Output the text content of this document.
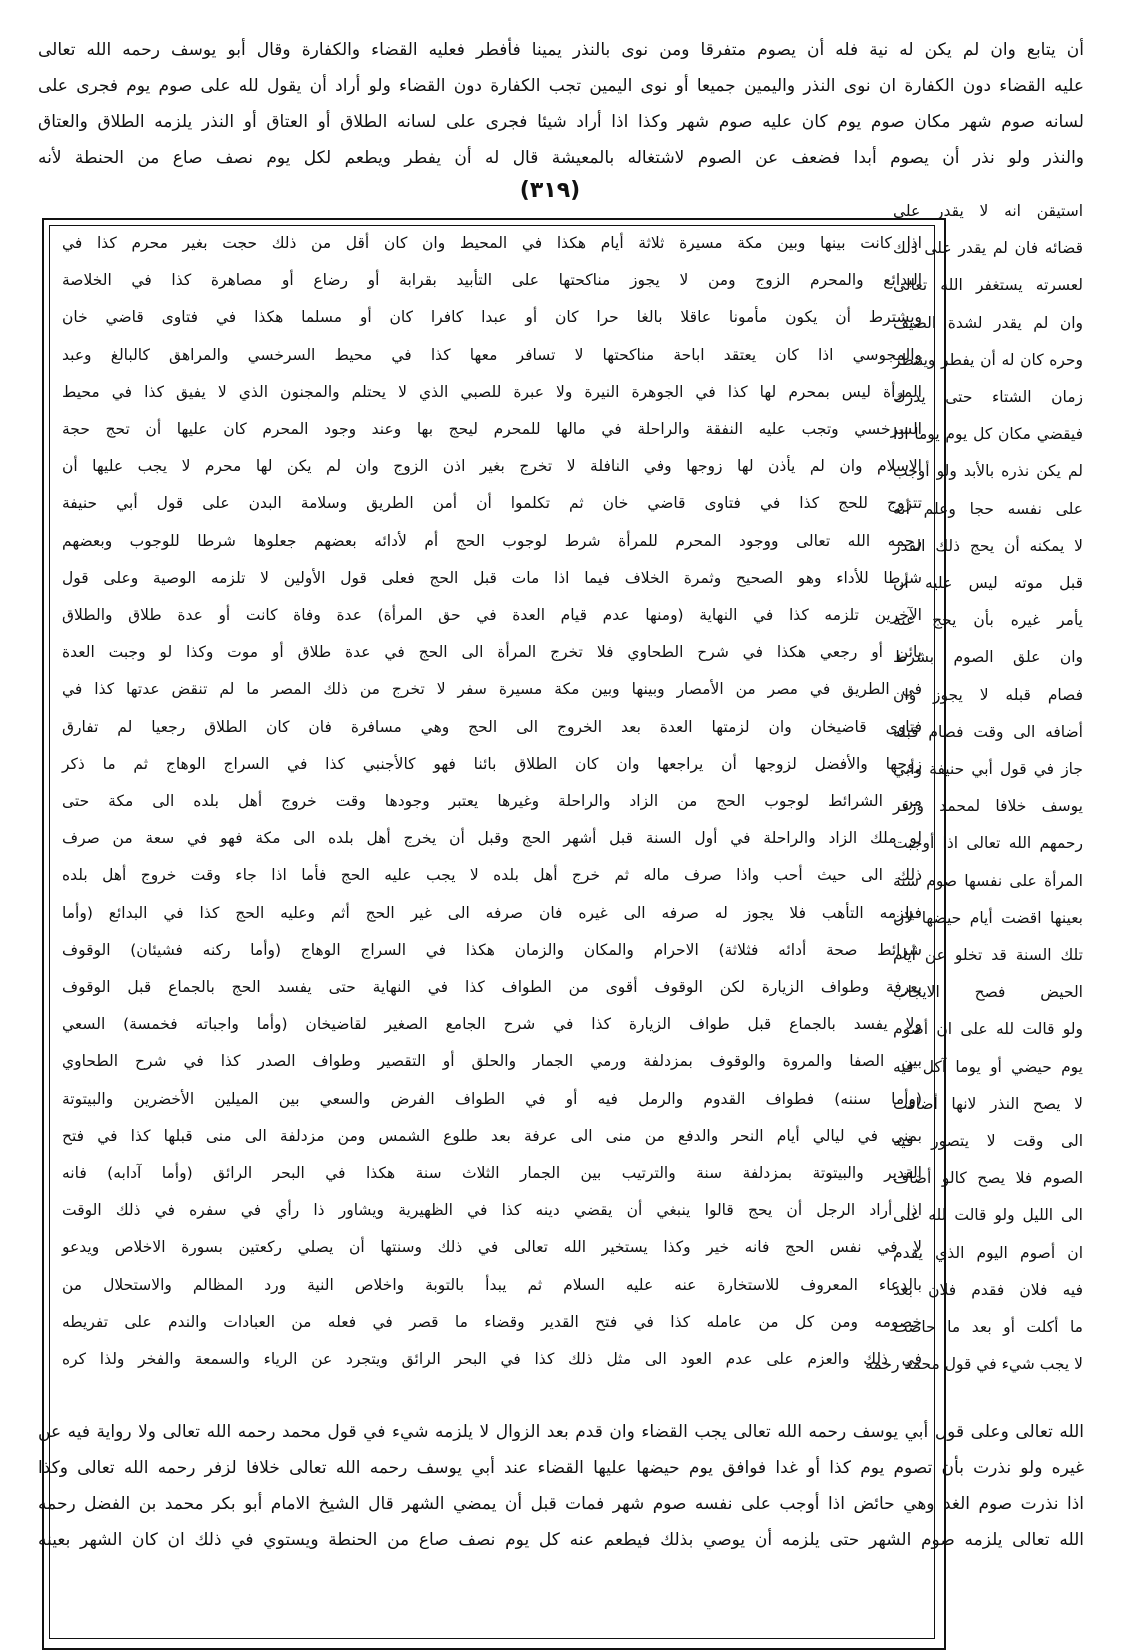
أن يتابع وان لم يكن له نية فله أن يصوم متفرقا ومن نوى بالنذر يمينا فأفطر فعليه القضاء والكفارة وقال أبو يوسف رحمه الله تعالى
عليه القضاء دون الكفارة ان نوى النذر واليمين جميعا أو نوى اليمين تجب الكفارة دون القضاء ولو أراد أن يقول لله على صوم يوم فجرى على
لسانه صوم شهر مكان صوم يوم كان عليه صوم شهر وكذا اذا أراد شيئا فجرى على لسانه الطلاق أو العتاق أو النذر يلزمه الطلاق والعتاق
والنذر ولو نذر أن يصوم أبدا فضعف عن الصوم لاشتغاله بالمعيشة قال له أن يفطر ويطعم لكل يوم نصف صاع من الحنطة لأنه
(٣١٩)
اذا كانت بينها وبين مكة مسيرة ثلاثة أيام هكذا في المحيط وان كان أقل من ذلك حجت بغير محرم كذا في
البدائع والمحرم الزوج ومن لا يجوز مناكحتها على التأبيد بقرابة أو رضاع أو مصاهرة كذا في الخلاصة
ويشترط أن يكون مأمونا عاقلا بالغا حرا كان أو عبدا كافرا كان أو مسلما هكذا في فتاوى قاضي خان
والمجوسي اذا كان يعتقد اباحة مناكحتها لا تسافر معها كذا في محيط السرخسي والمراهق كالبالغ وعبد
المرأة ليس بمحرم لها كذا في الجوهرة النيرة ولا عبرة للصبي الذي لا يحتلم والمجنون الذي لا يفيق كذا في محيط
السرخسي وتجب عليه النفقة والراحلة في مالها للمحرم ليحج بها وعند وجود المحرم كان عليها أن تحج حجة
الاسلام وان لم يأذن لها زوجها وفي النافلة لا تخرج بغير اذن الزوج وان لم يكن لها محرم لا يجب عليها أن
تتزوج للحج كذا في فتاوى قاضي خان ثم تكلموا أن أمن الطريق وسلامة البدن على قول أبي حنيفة
رحمه الله تعالى ووجود المحرم للمرأة شرط لوجوب الحج أم لأدائه بعضهم جعلوها شرطا للوجوب وبعضهم
شرطا للأداء وهو الصحيح وثمرة الخلاف فيما اذا مات قبل الحج فعلى قول الأولين لا تلزمه الوصية وعلى قول
الآخرين تلزمه كذا في النهاية (ومنها عدم قيام العدة في حق المرأة) عدة وفاة كانت أو عدة طلاق والطلاق
بائن أو رجعي هكذا في شرح الطحاوي فلا تخرج المرأة الى الحج في عدة طلاق أو موت وكذا لو وجبت العدة
في الطريق في مصر من الأمصار وبينها وبين مكة مسيرة سفر لا تخرج من ذلك المصر ما لم تنقض عدتها كذا في
فتاوى قاضيخان وان لزمتها العدة بعد الخروج الى الحج وهي مسافرة فان كان الطلاق رجعيا لم تفارق
زوجها والأفضل لزوجها أن يراجعها وان كان الطلاق بائنا فهو كالأجنبي كذا في السراج الوهاج ثم ما ذكر
من الشرائط لوجوب الحج من الزاد والراحلة وغيرها يعتبر وجودها وقت خروج أهل بلده الى مكة حتى
لو ملك الزاد والراحلة في أول السنة قبل أشهر الحج وقبل أن يخرج أهل بلده الى مكة فهو في سعة من صرف
ذلك الى حيث أحب واذا صرف ماله ثم خرج أهل بلده لا يجب عليه الحج فأما اذا جاء وقت خروج أهل بلده
فيلزمه التأهب فلا يجوز له صرفه الى غيره فان صرفه الى غير الحج أثم وعليه الحج كذا في البدائع (وأما
شرائط صحة أدائه فثلاثة) الاحرام والمكان والزمان هكذا في السراج الوهاج (وأما ركنه فشيئان) الوقوف
بعرفة وطواف الزيارة لكن الوقوف أقوى من الطواف كذا في النهاية حتى يفسد الحج بالجماع قبل الوقوف
ولا يفسد بالجماع قبل طواف الزيارة كذا في شرح الجامع الصغير لقاضيخان (وأما واجباته فخمسة) السعي
بين الصفا والمروة والوقوف بمزدلفة ورمي الجمار والحلق أو التقصير وطواف الصدر كذا في شرح الطحاوي
(وأما سننه) فطواف القدوم والرمل فيه أو في الطواف الفرض والسعي بين الميلين الأخضرين والبيتوتة
بمنى في ليالي أيام النحر والدفع من منى الى عرفة بعد طلوع الشمس ومن مزدلفة الى منى قبلها كذا في فتح
القدير والبيتوتة بمزدلفة سنة والترتيب بين الجمار الثلاث سنة هكذا في البحر الرائق (وأما آدابه) فانه
اذا أراد الرجل أن يحج قالوا ينبغي أن يقضي دينه كذا في الظهيرية ويشاور ذا رأي في سفره في ذلك الوقت
لا في نفس الحج فانه خير وكذا يستخير الله تعالى في ذلك وسنتها أن يصلي ركعتين بسورة الاخلاص ويدعو
بالدعاء المعروف للاستخارة عنه عليه السلام ثم يبدأ بالتوبة واخلاص النية ورد المظالم والاستحلال من
خصومه ومن كل من عامله كذا في فتح القدير وقضاء ما قصر في فعله من العبادات والندم على تفريطه
في ذلك والعزم على عدم العود الى مثل ذلك كذا في البحر الرائق ويتجرد عن الرياء والسمعة والفخر ولذا كره
استيقن انه لا يقدر على
قضائه فان لم يقدر على ذلك
لعسرته يستغفر الله تعالى
وان لم يقدر لشدة الصيف
وحره كان له أن يفطر وينتظر
زمان الشتاء حتى يدرك
فيقضي مكان كل يوم يوما اذا
لم يكن نذره بالأبد ولو أوجب
على نفسه حجا وعلم أنه
لا يمكنه أن يحج ذلك القدر
قبل موته ليس عليه أن
يأمر غيره بأن يحج عنه
وان علق الصوم بشرط
فصام قبله لا يجوز وان
أضافه الى وقت فصام قبله
جاز في قول أبي حنيفة وأبي
يوسف خلافا لمحمد وزفر
رحمهم الله تعالى اذا أوجبت
المرأة على نفسها صوم سنة
بعينها اقضت أيام حيضها لان
تلك السنة قد تخلو عن أيام
الحيض فصح الايجاب
ولو قالت لله على ان أصوم
يوم حيضي أو يوما آكل فيه
لا يصح النذر لانها أضافت
الى وقت لا يتصور فيه
الصوم فلا يصح كالو أضاف
الى الليل ولو قالت لله على
ان أصوم اليوم الذي يقدم
فيه فلان فقدم فلان بعد
ما أكلت أو بعد ما حاضت
لا يجب شيء في قول محمد رحمه
الله تعالى وعلى قول أبي يوسف رحمه الله تعالى يجب القضاء وان قدم بعد الزوال لا يلزمه شيء في قول محمد رحمه الله تعالى ولا رواية فيه عن
غيره ولو نذرت بأن تصوم يوم كذا أو غدا فوافق يوم حيضها عليها القضاء عند أبي يوسف رحمه الله تعالى خلافا لزفر رحمه الله تعالى وكذا
اذا نذرت صوم الغد وهي حائض اذا أوجب على نفسه صوم شهر فمات قبل أن يمضي الشهر قال الشيخ الامام أبو بكر محمد بن الفضل رحمه
الله تعالى يلزمه صوم الشهر حتى يلزمه أن يوصي بذلك فيطعم عنه كل يوم نصف صاع من الحنطة ويستوي في ذلك ان كان الشهر بعينه
